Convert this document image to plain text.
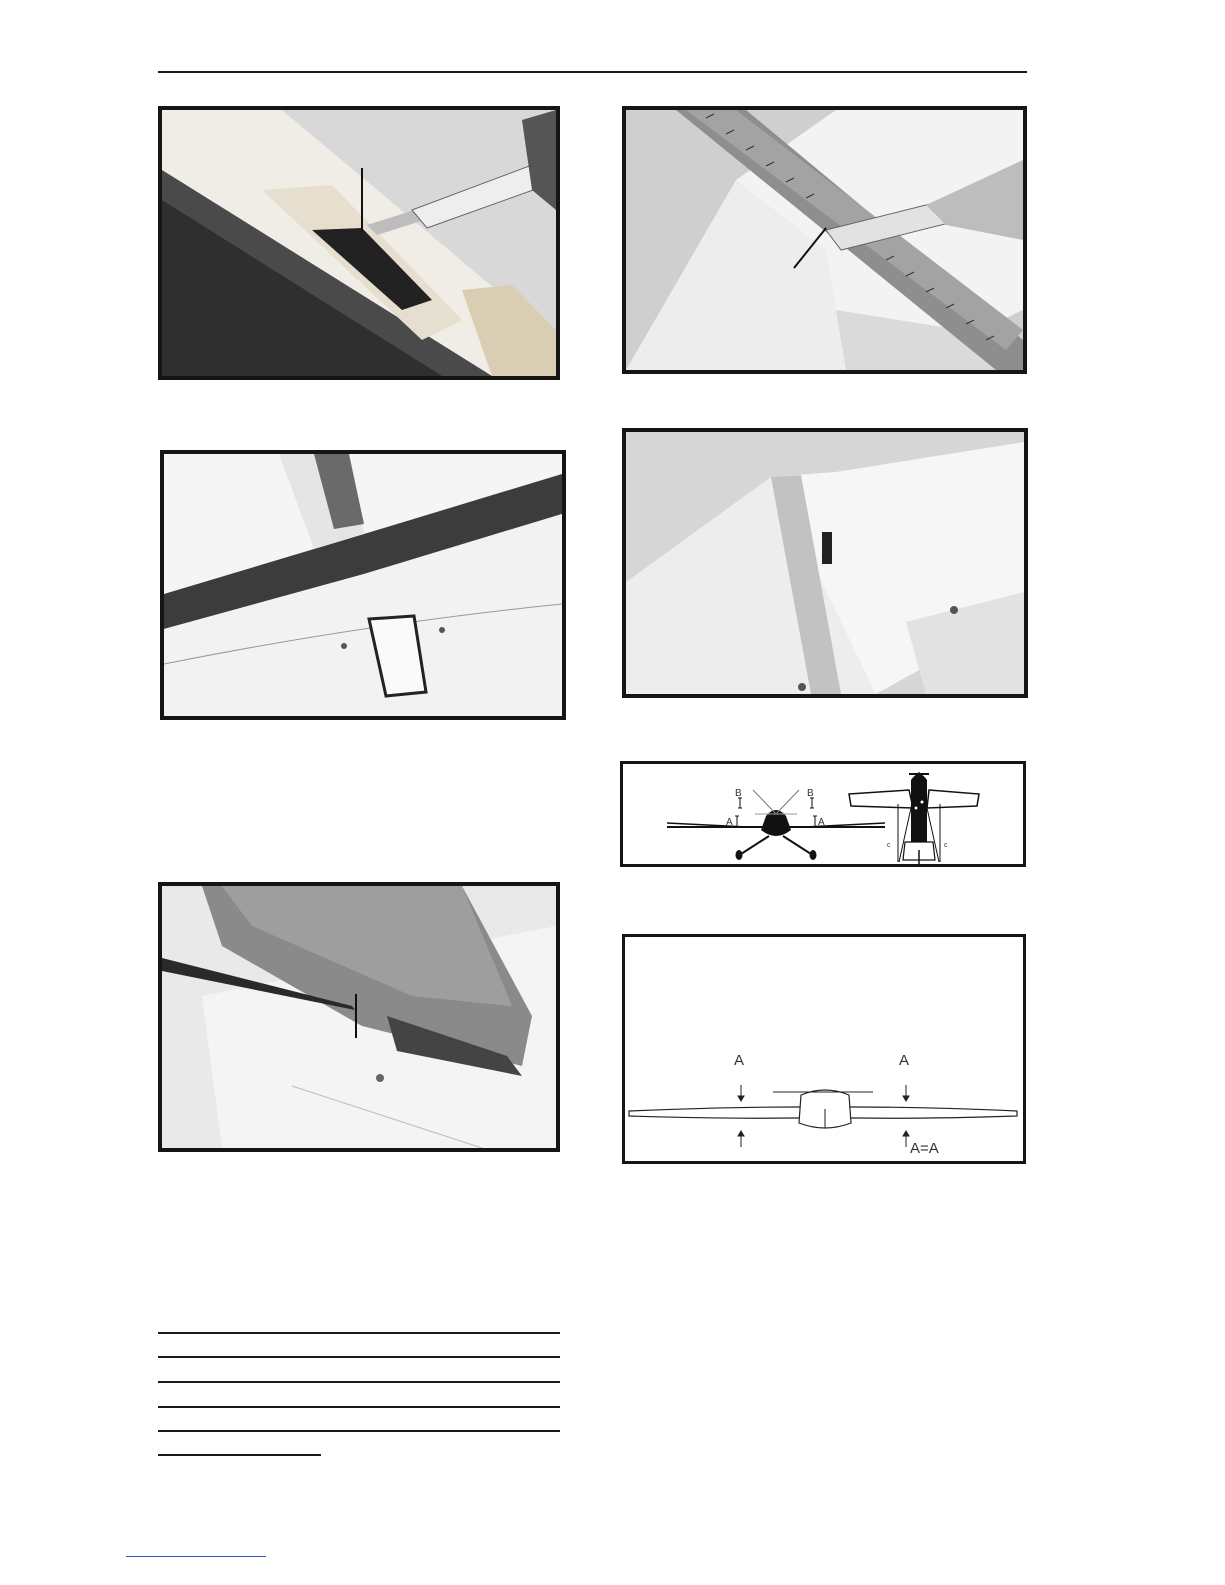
B	B
A	A
c	c
A	A
A=A
